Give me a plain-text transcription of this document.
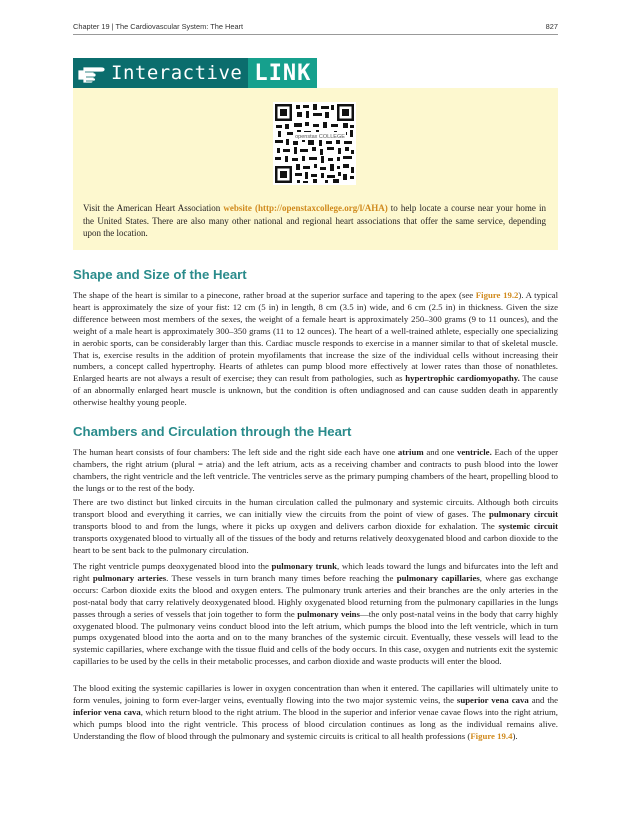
Chapter 19 | The Cardiovascular System: The Heart	827
Interactive LINK
openstax COLLEGE
Visit the American Heart Association website (http://openstaxcollege.org/l/AHA) to help locate a course near your home in the United States. There are also many other national and regional heart associations that offer the same service, depending upon the location.
Shape and Size of the Heart

The shape of the heart is similar to a pinecone, rather broad at the superior surface and tapering to the apex (see Figure 19.2). A typical heart is approximately the size of your fist: 12 cm (5 in) in length, 8 cm (3.5 in) wide, and 6 cm (2.5 in) in thickness. Given the size difference between most members of the sexes, the weight of a female heart is approximately 250–300 grams (9 to 11 ounces), and the weight of a male heart is approximately 300–350 grams (11 to 12 ounces). The heart of a well-trained athlete, especially one specializing in aerobic sports, can be considerably larger than this. Cardiac muscle responds to exercise in a manner similar to that of skeletal muscle. That is, exercise results in the addition of protein myofilaments that increase the size of the individual cells without increasing their numbers, a concept called hypertrophy. Hearts of athletes can pump blood more effectively at lower rates than those of nonathletes. Enlarged hearts are not always a result of exercise; they can result from pathologies, such as hypertrophic cardiomyopathy. The cause of an abnormally enlarged heart muscle is unknown, but the condition is often undiagnosed and can cause sudden death in apparently otherwise healthy young people.

Chambers and Circulation through the Heart

The human heart consists of four chambers: The left side and the right side each have one atrium and one ventricle. Each of the upper chambers, the right atrium (plural = atria) and the left atrium, acts as a receiving chamber and contracts to push blood into the lower chambers, the right ventricle and the left ventricle. The ventricles serve as the primary pumping chambers of the heart, propelling blood to the lungs or to the rest of the body.

There are two distinct but linked circuits in the human circulation called the pulmonary and systemic circuits. Although both circuits transport blood and everything it carries, we can initially view the circuits from the point of view of gases. The pulmonary circuit transports blood to and from the lungs, where it picks up oxygen and delivers carbon dioxide for exhalation. The systemic circuit transports oxygenated blood to virtually all of the tissues of the body and returns relatively deoxygenated blood and carbon dioxide to the heart to be sent back to the pulmonary circulation.

The right ventricle pumps deoxygenated blood into the pulmonary trunk, which leads toward the lungs and bifurcates into the left and right pulmonary arteries. These vessels in turn branch many times before reaching the pulmonary capillaries, where gas exchange occurs: Carbon dioxide exits the blood and oxygen enters. The pulmonary trunk arteries and their branches are the only arteries in the post-natal body that carry relatively deoxygenated blood. Highly oxygenated blood returning from the pulmonary capillaries in the lungs passes through a series of vessels that join together to form the pulmonary veins—the only post-natal veins in the body that carry highly oxygenated blood. The pulmonary veins conduct blood into the left atrium, which pumps the blood into the left ventricle, which in turn pumps oxygenated blood into the aorta and on to the many branches of the systemic circuit. Eventually, these vessels will lead to the systemic capillaries, where exchange with the tissue fluid and cells of the body occurs. In this case, oxygen and nutrients exit the systemic capillaries to be used by the cells in their metabolic processes, and carbon dioxide and waste products will enter the blood.

The blood exiting the systemic capillaries is lower in oxygen concentration than when it entered. The capillaries will ultimately unite to form venules, joining to form ever-larger veins, eventually flowing into the two major systemic veins, the superior vena cava and the inferior vena cava, which return blood to the right atrium. The blood in the superior and inferior venae cavae flows into the right atrium, which pumps blood into the right ventricle. This process of blood circulation continues as long as the individual remains alive. Understanding the flow of blood through the pulmonary and systemic circuits is critical to all health professions (Figure 19.4).
